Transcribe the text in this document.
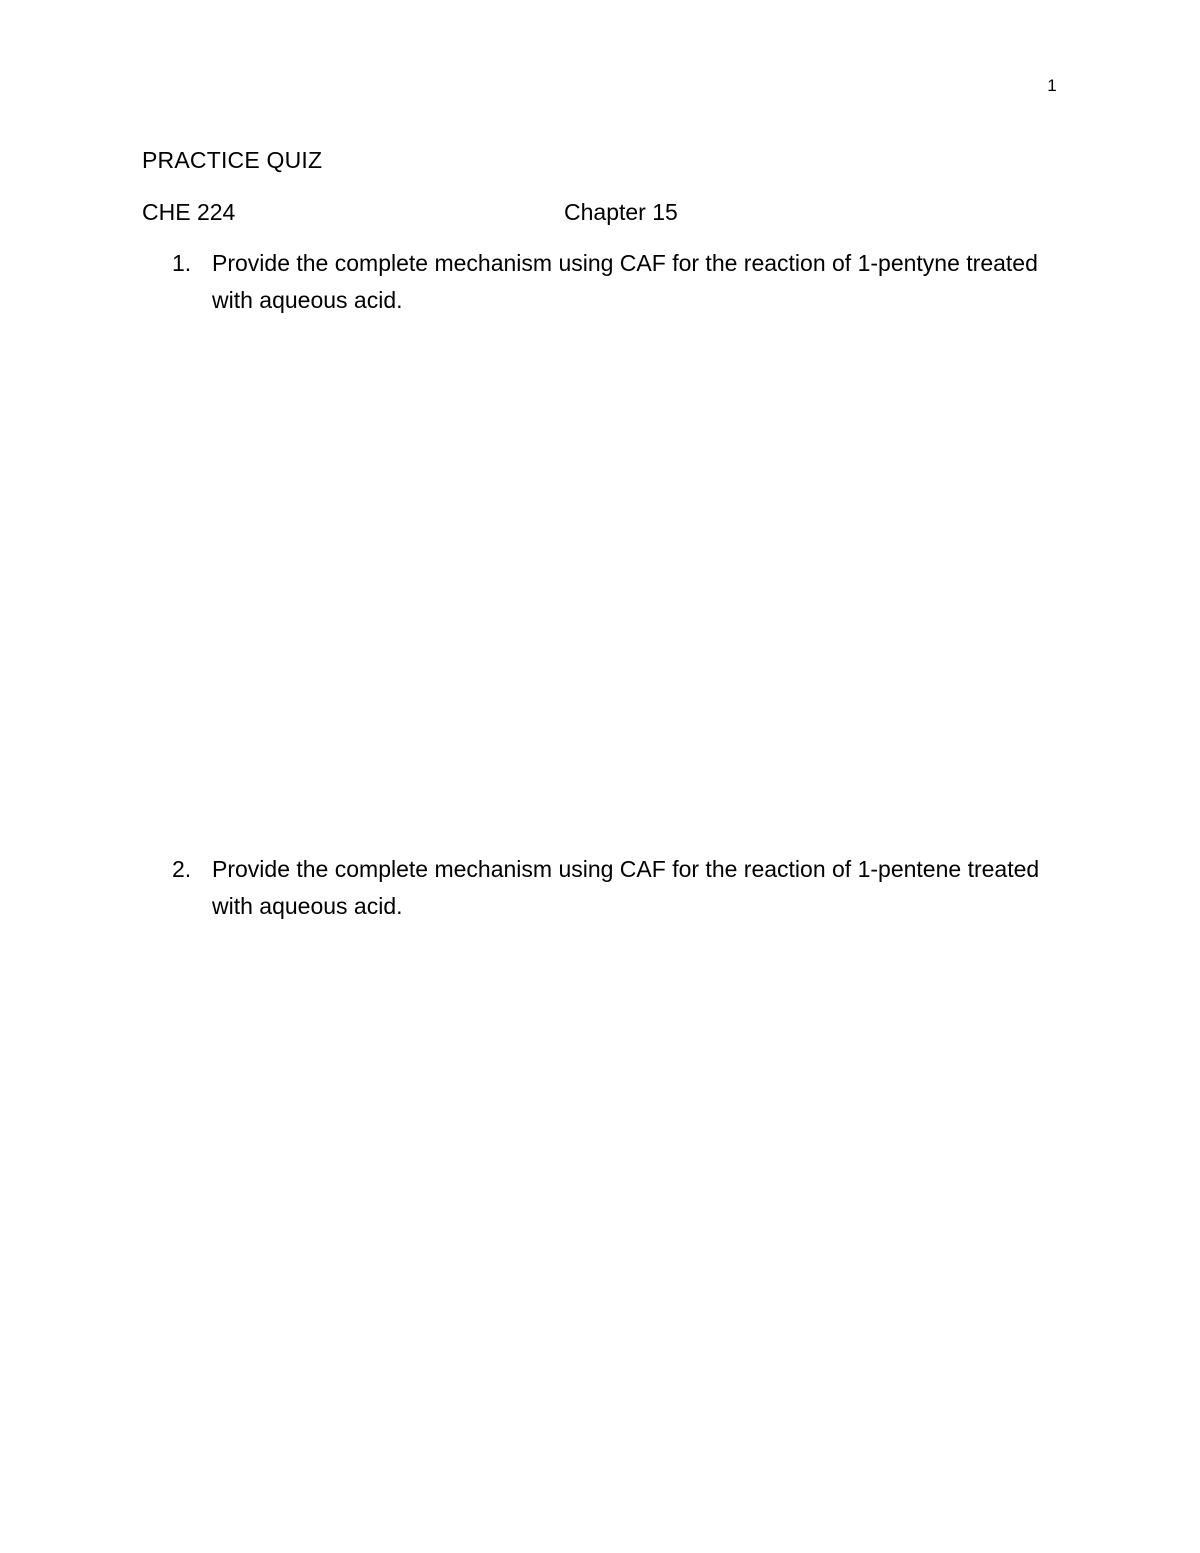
1
PRACTICE QUIZ
CHE 224	Chapter 15
1. Provide the complete mechanism using CAF for the reaction of 1-pentyne treated with aqueous acid.
2. Provide the complete mechanism using CAF for the reaction of 1-pentene treated with aqueous acid.
